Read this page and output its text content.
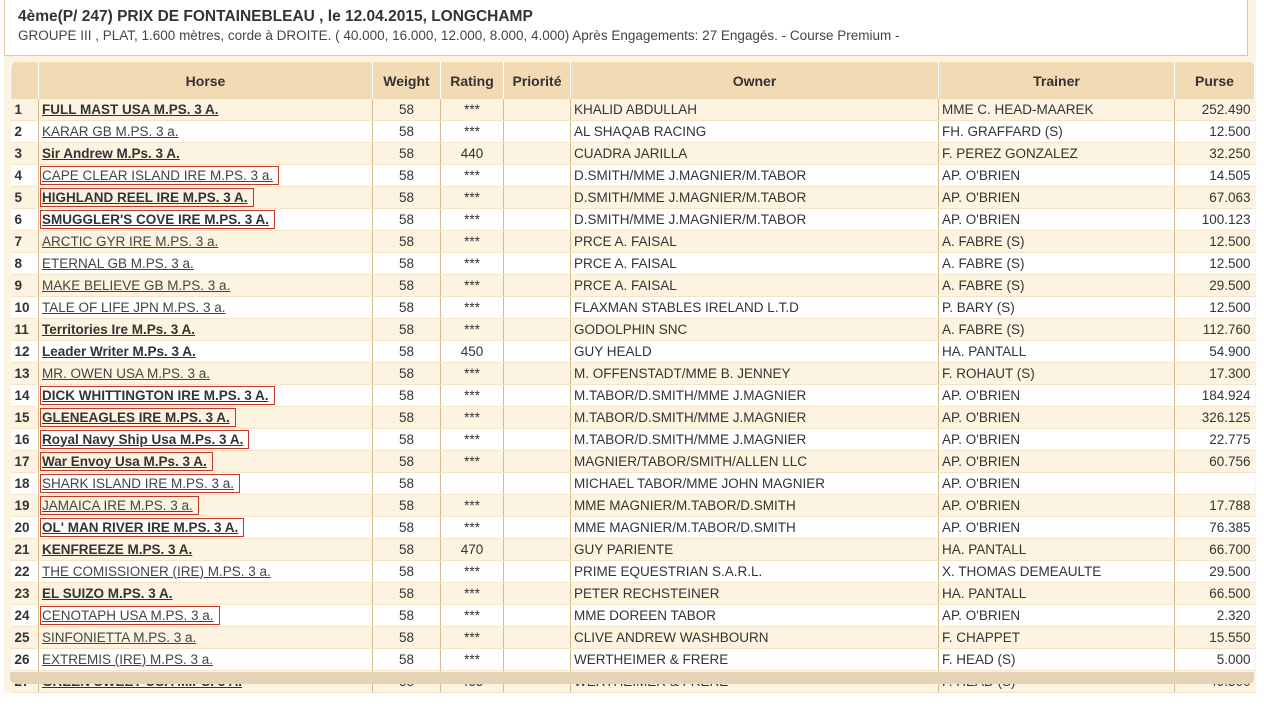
4ème(P/ 247) PRIX DE FONTAINEBLEAU , le 12.04.2015, LONGCHAMP
GROUPE III , PLAT, 1.600 mètres, corde à DROITE. ( 40.000, 16.000, 12.000, 8.000, 4.000) Après Engagements: 27 Engagés. - Course Premium -
	Horse	Weight	Rating	Priorité	Owner	Trainer	Purse
1	FULL MAST USA M.PS. 3 A.	58	***		KHALID ABDULLAH	MME C. HEAD-MAAREK	252.490
2	KARAR GB M.PS. 3 a.	58	***		AL SHAQAB RACING	FH. GRAFFARD (S)	12.500
3	Sir Andrew M.Ps. 3 A.	58	440		CUADRA JARILLA	F. PEREZ GONZALEZ	32.250
4	CAPE CLEAR ISLAND IRE M.PS. 3 a.	58	***		D.SMITH/MME J.MAGNIER/M.TABOR	AP. O'BRIEN	14.505
5	HIGHLAND REEL IRE M.PS. 3 A.	58	***		D.SMITH/MME J.MAGNIER/M.TABOR	AP. O'BRIEN	67.063
6	SMUGGLER'S COVE IRE M.PS. 3 A.	58	***		D.SMITH/MME J.MAGNIER/M.TABOR	AP. O'BRIEN	100.123
7	ARCTIC GYR IRE M.PS. 3 a.	58	***		PRCE A. FAISAL	A. FABRE (S)	12.500
8	ETERNAL GB M.PS. 3 a.	58	***		PRCE A. FAISAL	A. FABRE (S)	12.500
9	MAKE BELIEVE GB M.PS. 3 a.	58	***		PRCE A. FAISAL	A. FABRE (S)	29.500
10	TALE OF LIFE JPN M.PS. 3 a.	58	***		FLAXMAN STABLES IRELAND L.T.D	P. BARY (S)	12.500
11	Territories Ire M.Ps. 3 A.	58	***		GODOLPHIN SNC	A. FABRE (S)	112.760
12	Leader Writer M.Ps. 3 A.	58	450		GUY HEALD	HA. PANTALL	54.900
13	MR. OWEN USA M.PS. 3 a.	58	***		M. OFFENSTADT/MME B. JENNEY	F. ROHAUT (S)	17.300
14	DICK WHITTINGTON IRE M.PS. 3 A.	58	***		M.TABOR/D.SMITH/MME J.MAGNIER	AP. O'BRIEN	184.924
15	GLENEAGLES IRE M.PS. 3 A.	58	***		M.TABOR/D.SMITH/MME J.MAGNIER	AP. O'BRIEN	326.125
16	Royal Navy Ship Usa M.Ps. 3 A.	58	***		M.TABOR/D.SMITH/MME J.MAGNIER	AP. O'BRIEN	22.775
17	War Envoy Usa M.Ps. 3 A.	58	***		MAGNIER/TABOR/SMITH/ALLEN LLC	AP. O'BRIEN	60.756
18	SHARK ISLAND IRE M.PS. 3 a.	58			MICHAEL TABOR/MME JOHN MAGNIER	AP. O'BRIEN	
19	JAMAICA IRE M.PS. 3 a.	58	***		MME MAGNIER/M.TABOR/D.SMITH	AP. O'BRIEN	17.788
20	OL' MAN RIVER IRE M.PS. 3 A.	58	***		MME MAGNIER/M.TABOR/D.SMITH	AP. O'BRIEN	76.385
21	KENFREEZE M.PS. 3 A.	58	470		GUY PARIENTE	HA. PANTALL	66.700
22	THE COMISSIONER (IRE) M.PS. 3 a.	58	***		PRIME EQUESTRIAN S.A.R.L.	X. THOMAS DEMEAULTE	29.500
23	EL SUIZO M.PS. 3 A.	58	***		PETER RECHSTEINER	HA. PANTALL	66.500
24	CENOTAPH USA M.PS. 3 a.	58	***		MME DOREEN TABOR	AP. O'BRIEN	2.320
25	SINFONIETTA M.PS. 3 a.	58	***		CLIVE ANDREW WASHBOURN	F. CHAPPET	15.550
26	EXTREMIS (IRE) M.PS. 3 a.	58	***		WERTHEIMER & FRERE	F. HEAD (S)	5.000
